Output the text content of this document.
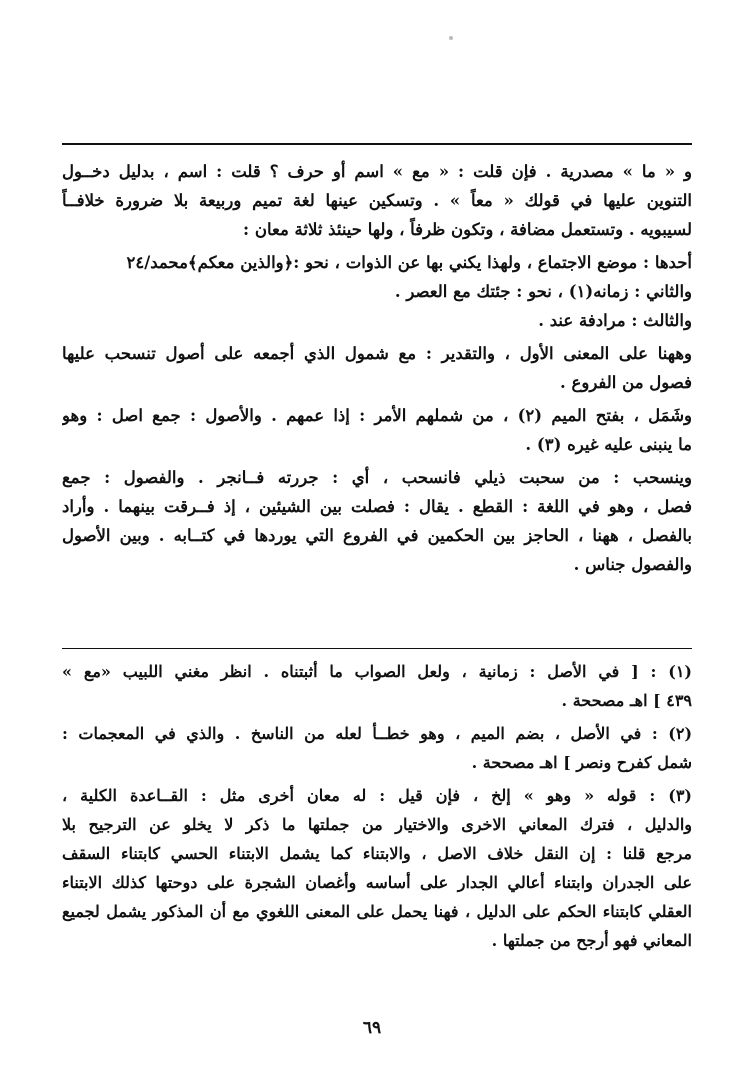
و « ما » مصدرية . فإن قلت : « مع » اسم أو حرف ؟ قلت : اسم ، بدليل دخــول
التنوين عليها في قولك « معاً » . وتسكين عينها لغة تميم وربيعة بلا ضرورة خلافــاً
لسيبويه . وتستعمل مضافة ، وتكون ظرفاً ، ولها حينئذ ثلاثة معان :

أحدها : موضع الاجتماع ، ولهذا يكني بها عن الذوات ، نحو :﴿والذين معكم﴾محمد/٢٤
والثاني : زمانه(١) ، نحو : جئتك مع العصر .
والثالث : مرادفة عند .

وههنا على المعنى الأول ، والتقدير : مع شمول الذي أجمعه على أصول تنسحب عليها
فصول من الفروع .

وشَمَل ، بفتح الميم (٢) ، من شملهم الأمر : إذا عمهم . والأصول : جمع اصل : وهو
ما ينبنى عليه غيره (٣) .

وينسحب : من سحبت ذيلي فانسحب ، أي : جررته فــانجر . والفصول : جمع
فصل ، وهو في اللغة : القطع . يقال : فصلت بين الشيئين ، إذ فــرقت بينهما . وأراد
بالفصل ، ههنا ، الحاجز بين الحكمين في الفروع التي يوردها في كتــابه . وبين الأصول
والفصول جناس .

(١) : [ في الأصل : زمانية ، ولعل الصواب ما أثبتناه . انظر مغني اللبيب «مع »
٤٣٩ ] اهـ مصححة .

(٢) : في الأصل ، بضم الميم ، وهو خطــأ لعله من الناسخ . والذي في المعجمات :
شمل كفرح ونصر ] اهـ مصححة .

(٣) : قوله « وهو » إلخ ، فإن قيل : له معان أخرى مثل : القــاعدة الكلية ،
والدليل ، فترك المعاني الاخرى والاختيار من جملتها ما ذكر لا يخلو عن الترجيح بلا
مرجع قلنا : إن النقل خلاف الاصل ، والابتناء كما يشمل الابتناء الحسي كابتناء السقف
على الجدران وابتناء أعالي الجدار على أساسه وأغصان الشجرة على دوحتها كذلك الابتناء
العقلي كابتناء الحكم على الدليل ، فهنا يحمل على المعنى اللغوي مع أن المذكور يشمل لجميع
المعاني فهو أرجح من جملتها .

٦٩
